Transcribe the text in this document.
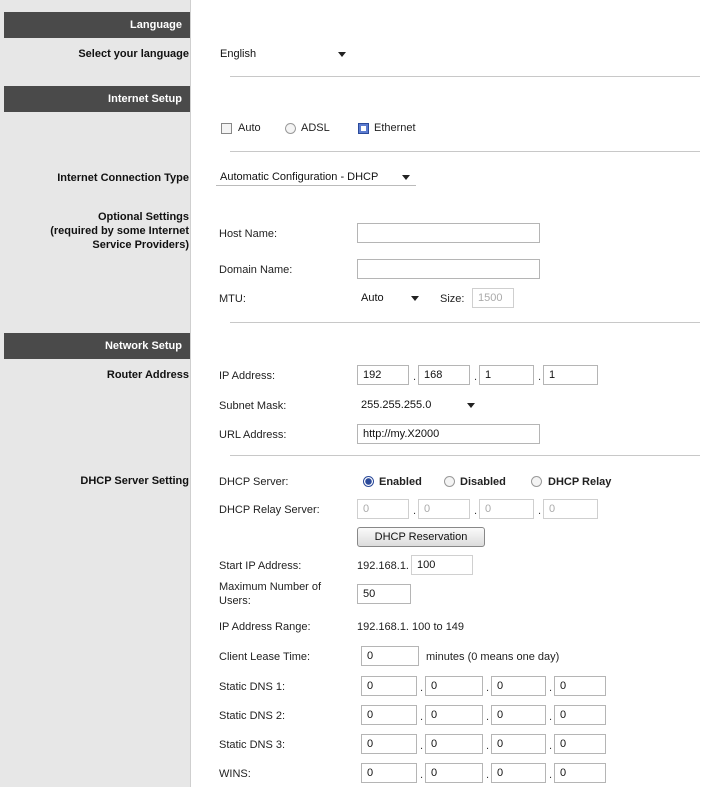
Language
Select your language	English
Internet Setup
Auto	ADSL	Ethernet
Internet Connection Type	Automatic Configuration - DHCP
Optional Settings
(required by some Internet
Service Providers)
Host Name:
Domain Name:
MTU:	Auto	Size:	1500
Network Setup
Router Address	IP Address:	192	. 168	. 1	. 1
Subnet Mask:	255.255.255.0
URL Address:	http://my.X2000
DHCP Server Setting	DHCP Server:	Enabled	Disabled	DHCP Relay
DHCP Relay Server:	0	. 0	. 0	. 0
DHCP Reservation
Start IP Address:	192.168.1. 100
Maximum Number of
Users:
50
IP Address Range:	192.168.1. 100 to 149
Client Lease Time:	0	minutes (0 means one day)
Static DNS 1:	0	. 0	. 0	. 0
Static DNS 2:	0	. 0	. 0	. 0
Static DNS 3:	0	. 0	. 0	. 0
WINS:	0	. 0	. 0	. 0
